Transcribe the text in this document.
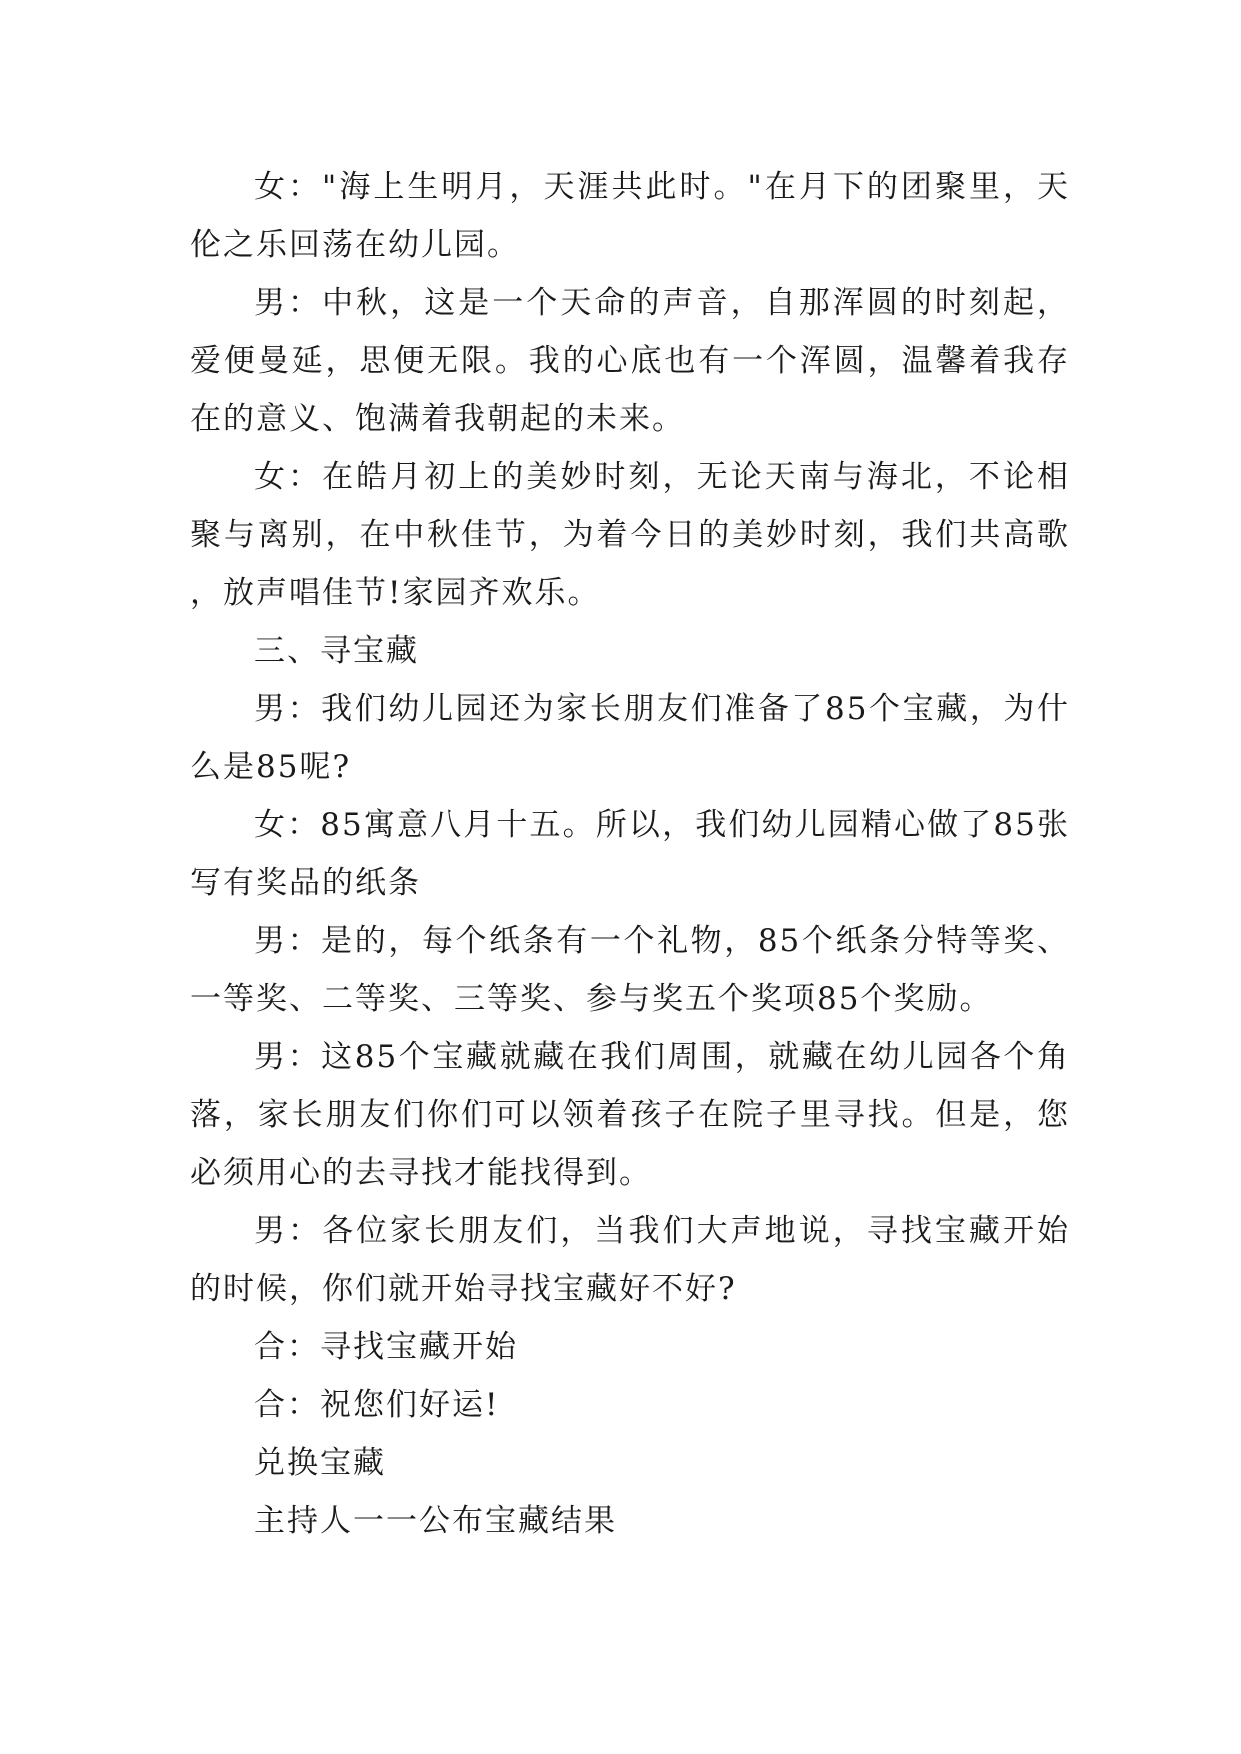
女："海上生明月，天涯共此时。"在月下的团聚里，天伦之乐回荡在幼儿园。

男：中秋，这是一个天命的声音，自那浑圆的时刻起，爱便曼延，思便无限。我的心底也有一个浑圆，温馨着我存在的意义、饱满着我朝起的未来。

女：在皓月初上的美妙时刻，无论天南与海北，不论相聚与离别，在中秋佳节，为着今日的美妙时刻，我们共高歌，放声唱佳节!家园齐欢乐。

三、寻宝藏

男：我们幼儿园还为家长朋友们准备了85个宝藏，为什么是85呢?

女：85寓意八月十五。所以，我们幼儿园精心做了85张写有奖品的纸条

男：是的，每个纸条有一个礼物，85个纸条分特等奖、一等奖、二等奖、三等奖、参与奖五个奖项85个奖励。

男：这85个宝藏就藏在我们周围，就藏在幼儿园各个角落，家长朋友们你们可以领着孩子在院子里寻找。但是，您必须用心的去寻找才能找得到。

男：各位家长朋友们，当我们大声地说，寻找宝藏开始的时候，你们就开始寻找宝藏好不好?

合：寻找宝藏开始

合：祝您们好运!

兑换宝藏

主持人一一公布宝藏结果
